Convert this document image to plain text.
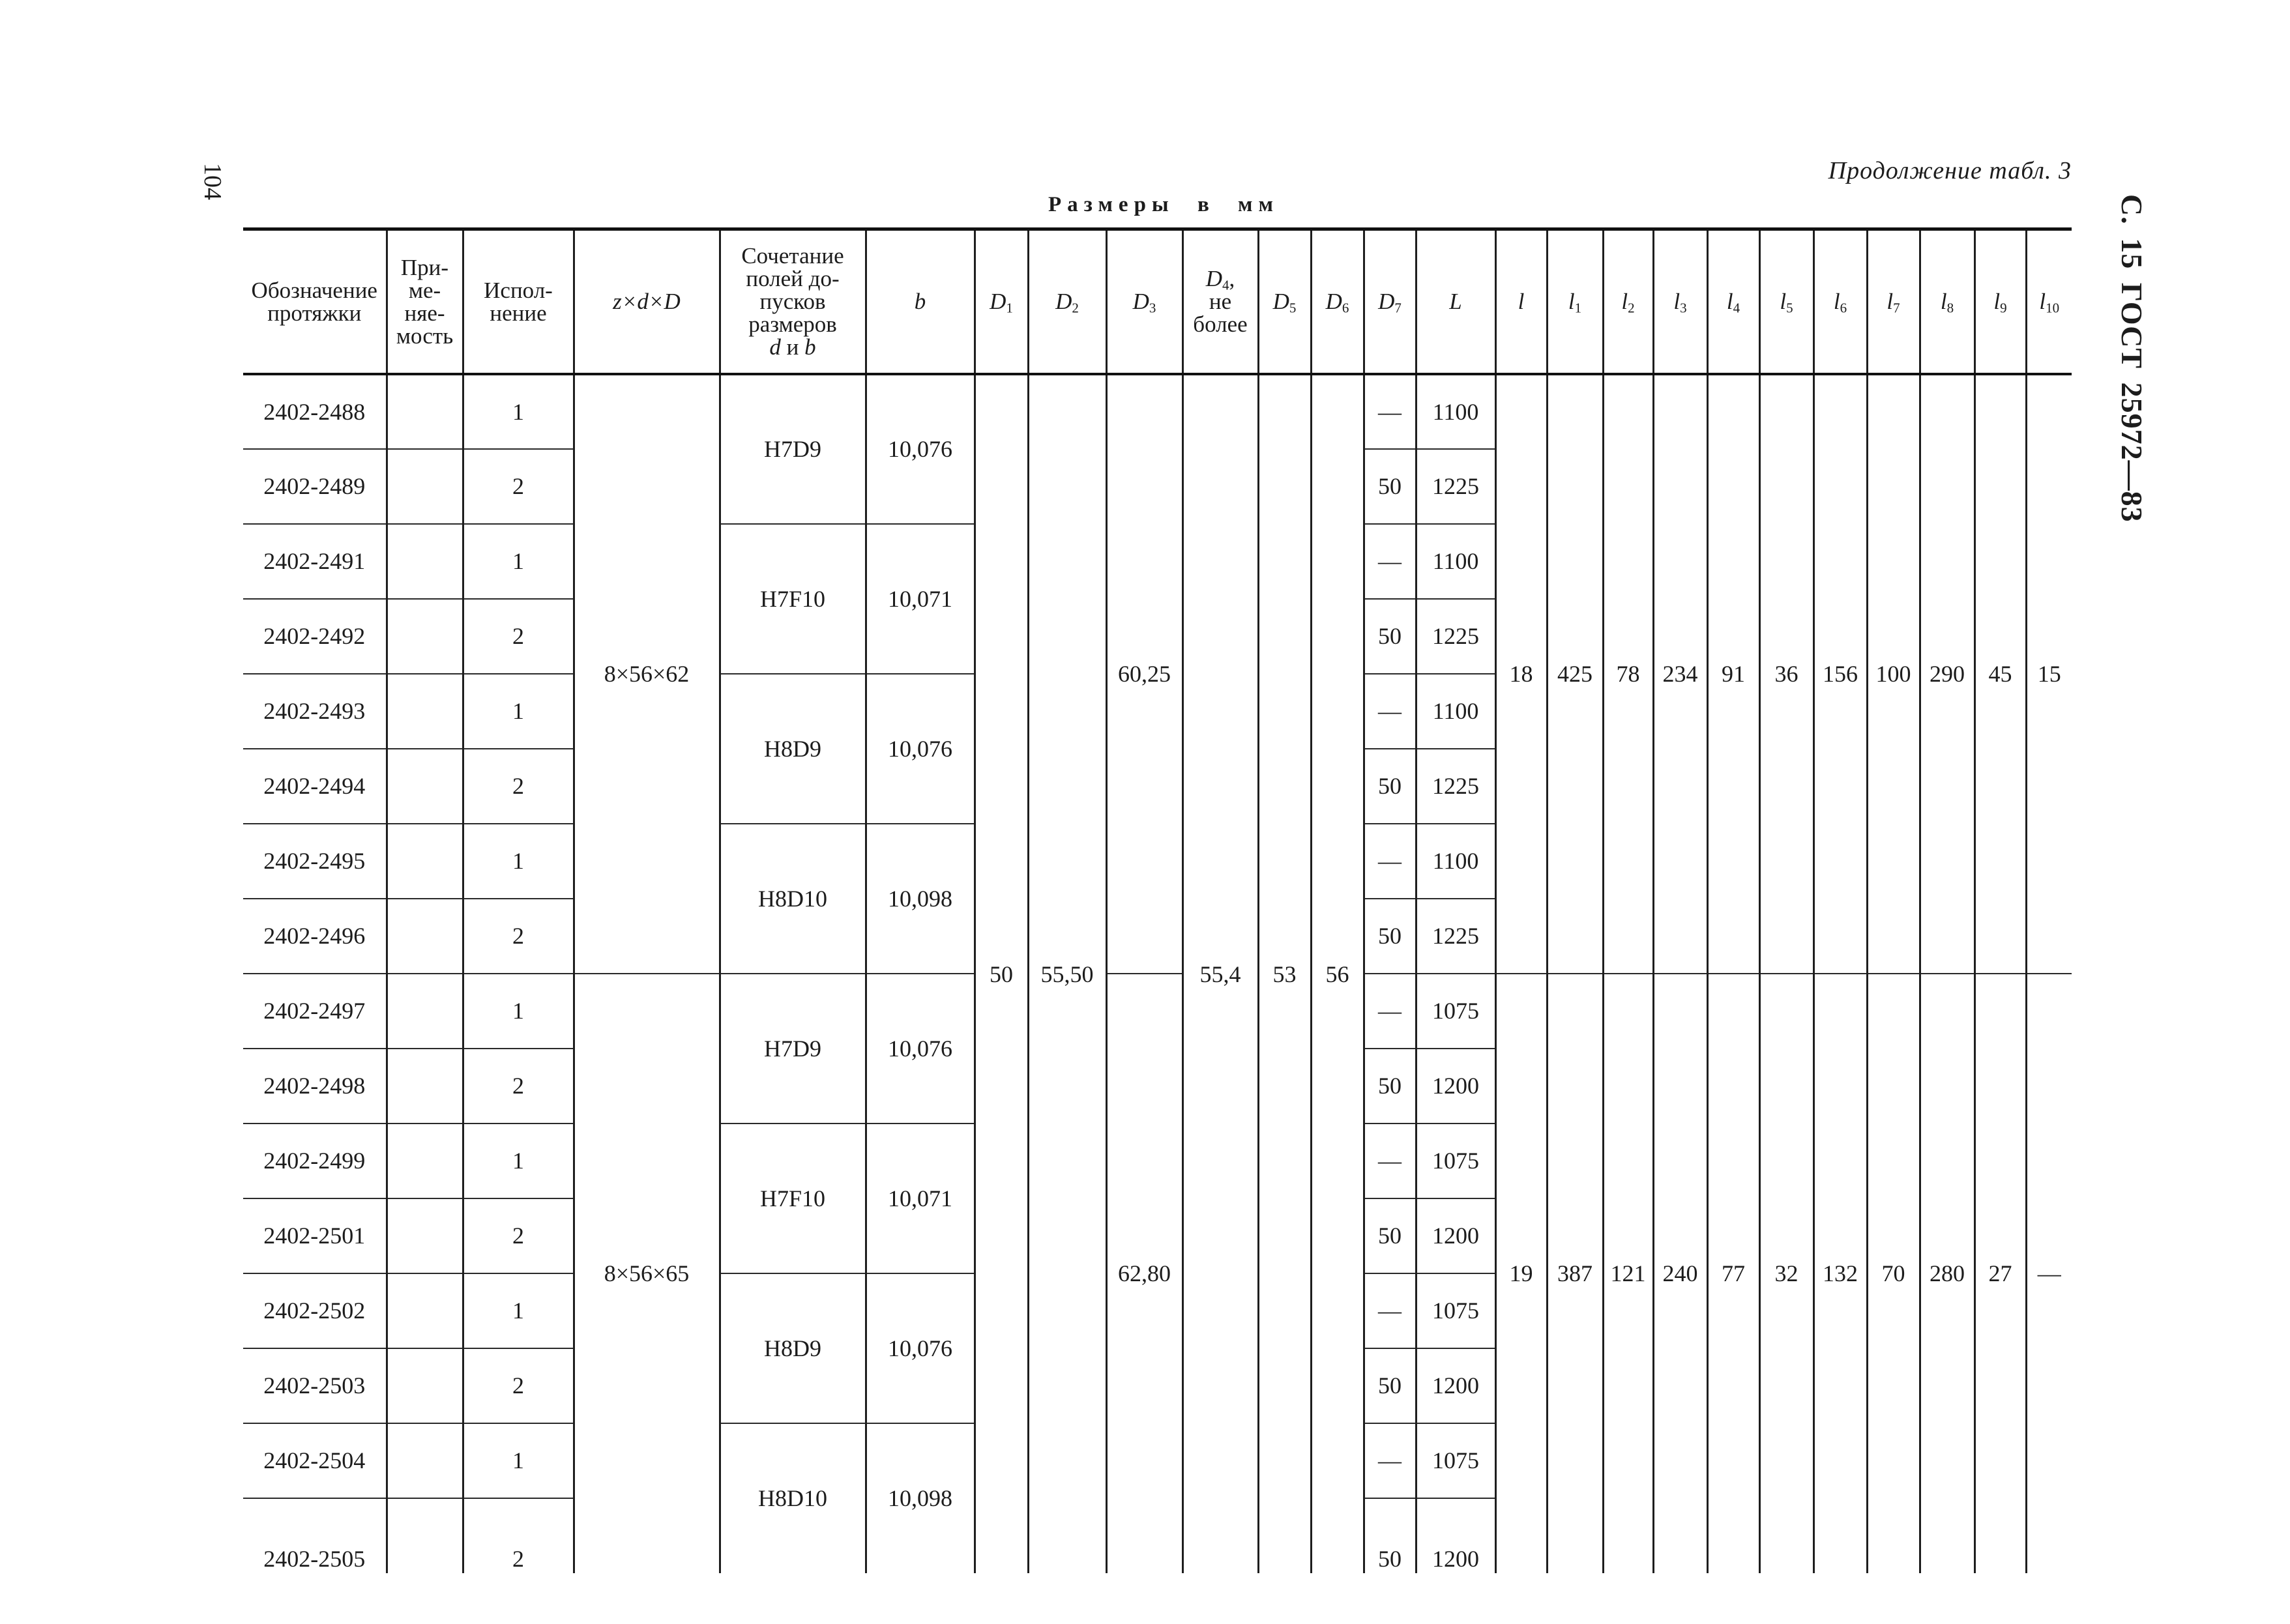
104	Продолжение табл. 3
Размеры в мм	С. 15 ГОСТ 25972—83
Обозначение
протяжки	При-
ме-
няе-
мость	Испол-
нение	z×d×D	Сочетание
полей до-
пусков
размеров
d и b	b	$D_1$	$D_2$	$D_3$	$D_4$,
не
более	$D_5$	$D_6$	$D_7$	L	l	$l_1$	$l_2$	$l_3$	$l_4$	$l_5$	$l_6$	$l_7$	$l_8$	$l_9$	$l_{10}$
2402-2488		1	8×56×62	H7D9	10,076	50	55,50	60,25	55,4	53	56	—	1100	18	425	78	234	91	36	156	100	290	45	15
2402-2489		2										50	1225											
2402-2491		1		H7F10	10,071							—	1100											
2402-2492		2										50	1225											
2402-2493		1		H8D9	10,076							—	1100											
2402-2494		2										50	1225											
2402-2495		1		H8D10	10,098							—	1100											
2402-2496		2										50	1225											
2402-2497		1	8×56×65	H7D9	10,076			62,80				—	1075	19	387	121	240	77	32	132	70	280	27	—
2402-2498		2										50	1200											
2402-2499		1		H7F10	10,071							—	1075											
2402-2501		2										50	1200											
2402-2502		1		H8D9	10,076							—	1075											
2402-2503		2										50	1200											
2402-2504		1		H8D10	10,098							—	1075											
2402-2505		2										50	1200											
